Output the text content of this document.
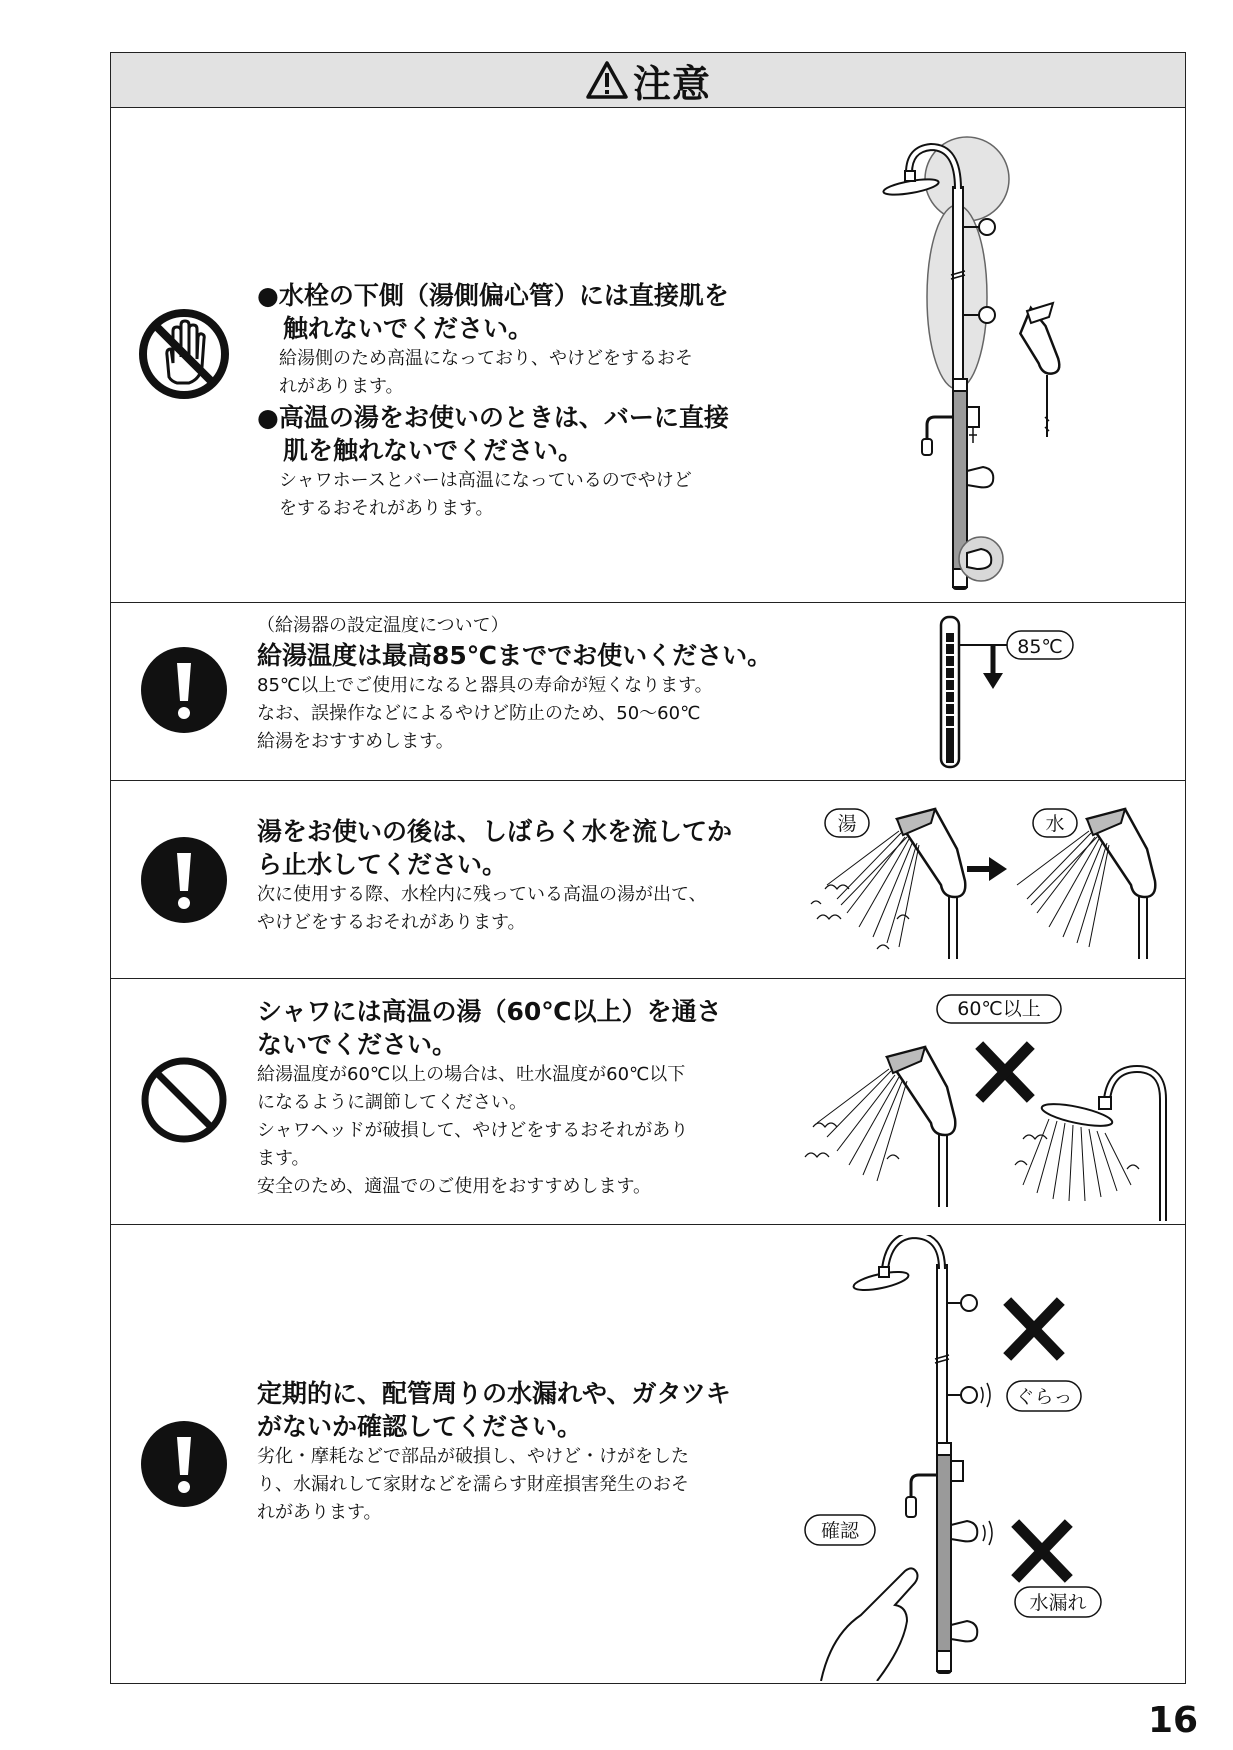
注意
●水栓の下側（湯側偏心管）には直接肌を
触れないでください。
給湯側のため高温になっており、やけどをするおそ
れがあります。
●高温の湯をお使いのときは、バーに直接
肌を触れないでください。
シャワホースとバーは高温になっているのでやけど
をするおそれがあります。
（給湯器の設定温度について）
給湯温度は最高85℃まででお使いください。
85℃以上でご使用になると器具の寿命が短くなります。
なお、誤操作などによるやけど防止のため、50～60℃
給湯をおすすめします。
85℃
湯をお使いの後は、しばらく水を流してか
ら止水してください。
次に使用する際、水栓内に残っている高温の湯が出て、
やけどをするおそれがあります。
湯	水
シャワには高温の湯（60℃以上）を通さ
ないでください。
給湯温度が60℃以上の場合は、吐水温度が60℃以下
になるように調節してください。
シャワヘッドが破損して、やけどをするおそれがあり
ます。
安全のため、適温でのご使用をおすすめします。
60℃以上
定期的に、配管周りの水漏れや、ガタツキ
がないか確認してください。
劣化・摩耗などで部品が破損し、やけど・けがをした
り、水漏れして家財などを濡らす財産損害発生のおそ
れがあります。
ぐらっ
確認
水漏れ
16
